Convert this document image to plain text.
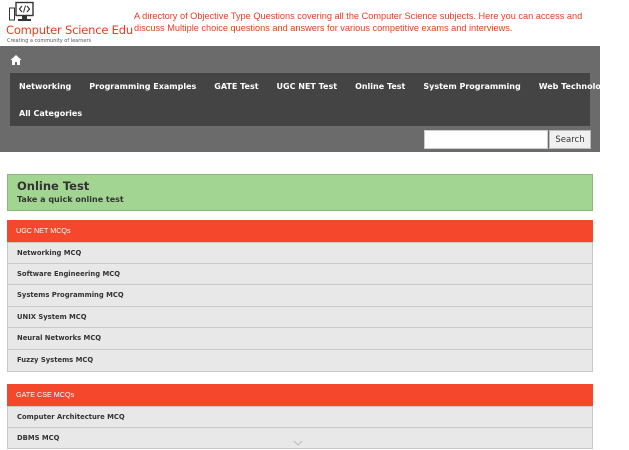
Computer Science Edu
Creating a community of learners
A directory of Objective Type Questions covering all the Computer Science subjects. Here you can access and discuss Multiple choice questions and answers for various competitive exams and interviews.
Networking	Programming Examples	GATE Test	UGC NET Test	Online Test	System Programming	Web Technologies
All Categories
Search
Online Test
Take a quick online test
UGC NET MCQs
Networking MCQ
Software Engineering MCQ
Systems Programming MCQ
UNIX System MCQ
Neural Networks MCQ
Fuzzy Systems MCQ
GATE CSE MCQs
Computer Architecture MCQ
DBMS MCQ
